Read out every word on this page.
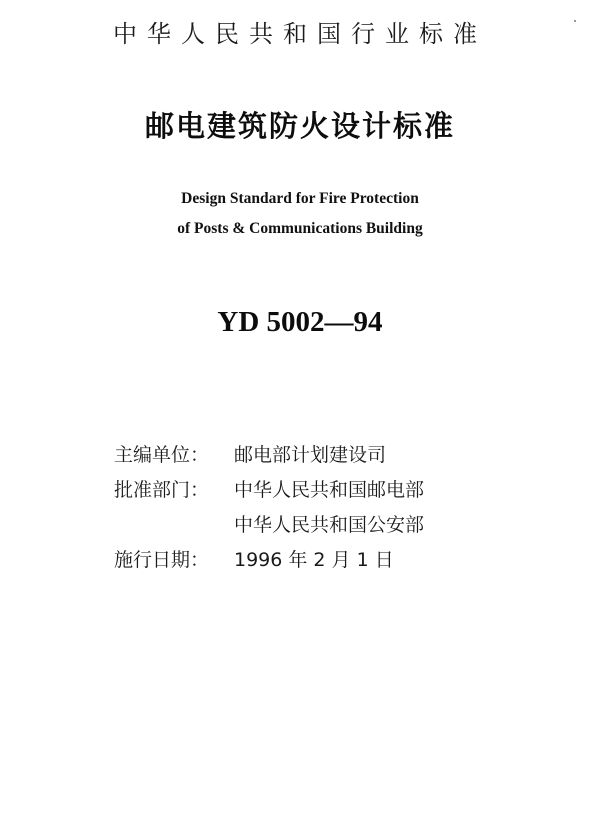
中华人民共和国行业标准
邮电建筑防火设计标准
Design Standard for Fire Protection
of Posts & Communications Building
YD 5002—94
主编单位： 邮电部计划建设司
批准部门： 中华人民共和国邮电部
中华人民共和国公安部
施行日期： 1996 年 2 月 1 日
